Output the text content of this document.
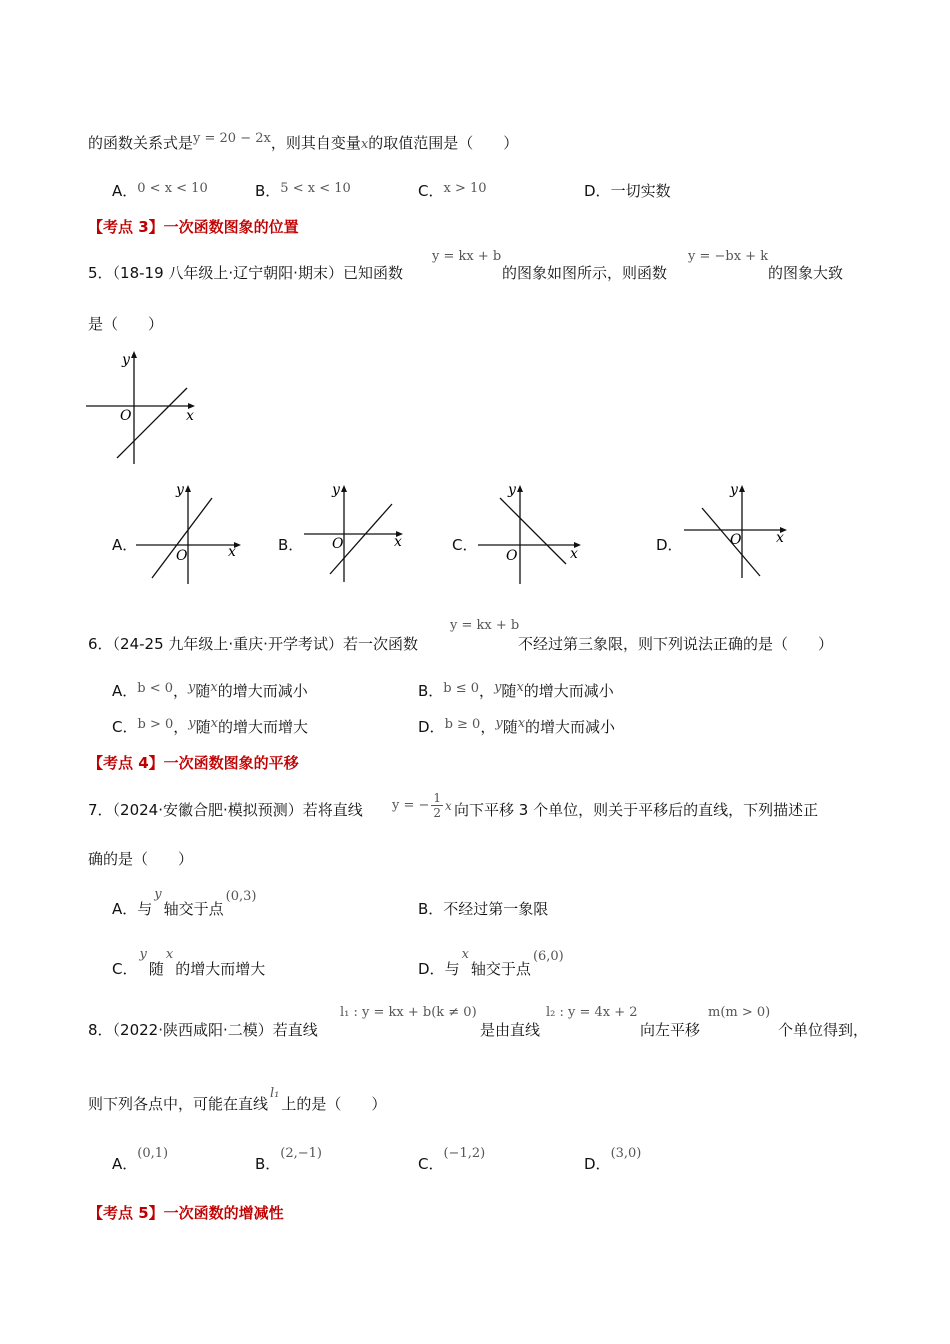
的函数关系式是y = 20 − 2x，则其自变量x的取值范围是（　　）
A．0 < x < 10	B．5 < x < 10	C．x > 10	D．一切实数
【考点 3】一次函数图象的位置
5．（18-19 八年级上·辽宁朝阳·期末）已知函数
y = kx + b
的图象如图所示，则函数
y = −bx + k
的图象大致
是（　　）
y
x
O
A．
y
x
O
B．
y
x
O	C．
y
x
O
D．
y
x
O
6．（24-25 九年级上·重庆·开学考试）若一次函数
y = kx + b
不经过第三象限，则下列说法正确的是（　　）
A．b < 0，y随x的增大而减小	B．b ≤ 0，y随x的增大而减小
C．b > 0，y随x的增大而增大	D．b ≥ 0，y随x的增大而减小
【考点 4】一次函数图象的平移
7．（2024·安徽合肥·模拟预测）若将直线 y = − $\frac{1}{2}$ x 向下平移 3 个单位，则关于平移后的直线，下列描述正
确的是（　　）
A．与y轴交于点(0,3)
B．不经过第一象限
C．y随x的增大而增大	D．与x轴交于点(6,0)
8．（2022·陕西咸阳·二模）若直线
l₁ : y = kx + b(k ≠ 0)
是由直线
l₂ : y = 4x + 2
向左平移
m(m > 0)
个单位得到，
则下列各点中，可能在直线l₁上的是（　　）
A．(0,1)
B．(2,−1)
C．(−1,2)
D．(3,0)
【考点 5】一次函数的增减性
